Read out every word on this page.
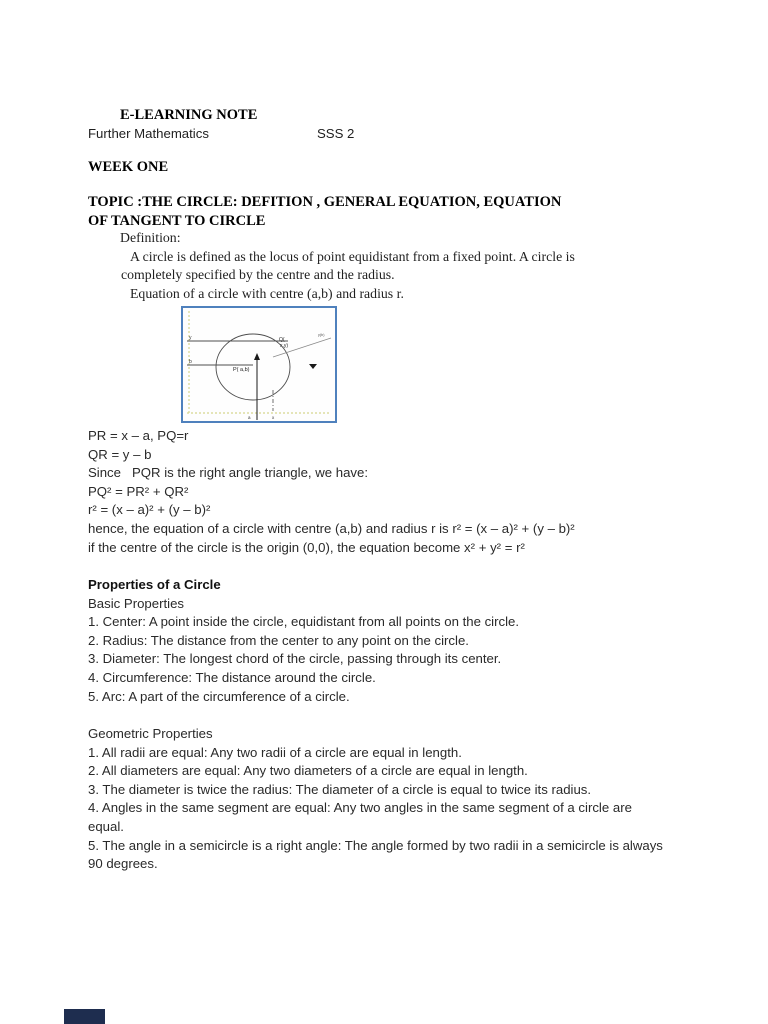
E-LEARNING NOTE
Further Mathematics	SSS 2
WEEK ONE
TOPIC :THE CIRCLE: DEFITION , GENERAL EQUATION, EQUATION
OF TANGENT TO CIRCLE
Definition:
A circle is defined as the locus of point equidistant from a fixed point. A circle is
completely specified by the centre and the radius.
Equation of a circle with centre (a,b) and radius r.
y
b
P( a,b)
Q(
x,y)
y(b)
a	x
PR = x – a, PQ=r
QR = y – b
Since   PQR is the right angle triangle, we have:
PQ² = PR² + QR²
r² = (x – a)² + (y – b)²
hence, the equation of a circle with centre (a,b) and radius r is r² = (x – a)² + (y – b)²
if the centre of the circle is the origin (0,0), the equation become x² + y² = r²
Properties of a Circle
Basic Properties
1. Center: A point inside the circle, equidistant from all points on the circle.
2. Radius: The distance from the center to any point on the circle.
3. Diameter: The longest chord of the circle, passing through its center.
4. Circumference: The distance around the circle.
5. Arc: A part of the circumference of a circle.
Geometric Properties
1. All radii are equal: Any two radii of a circle are equal in length.
2. All diameters are equal: Any two diameters of a circle are equal in length.
3. The diameter is twice the radius: The diameter of a circle is equal to twice its radius.
4. Angles in the same segment are equal: Any two angles in the same segment of a circle are equal.
5. The angle in a semicircle is a right angle: The angle formed by two radii in a semicircle is always 90 degrees.
